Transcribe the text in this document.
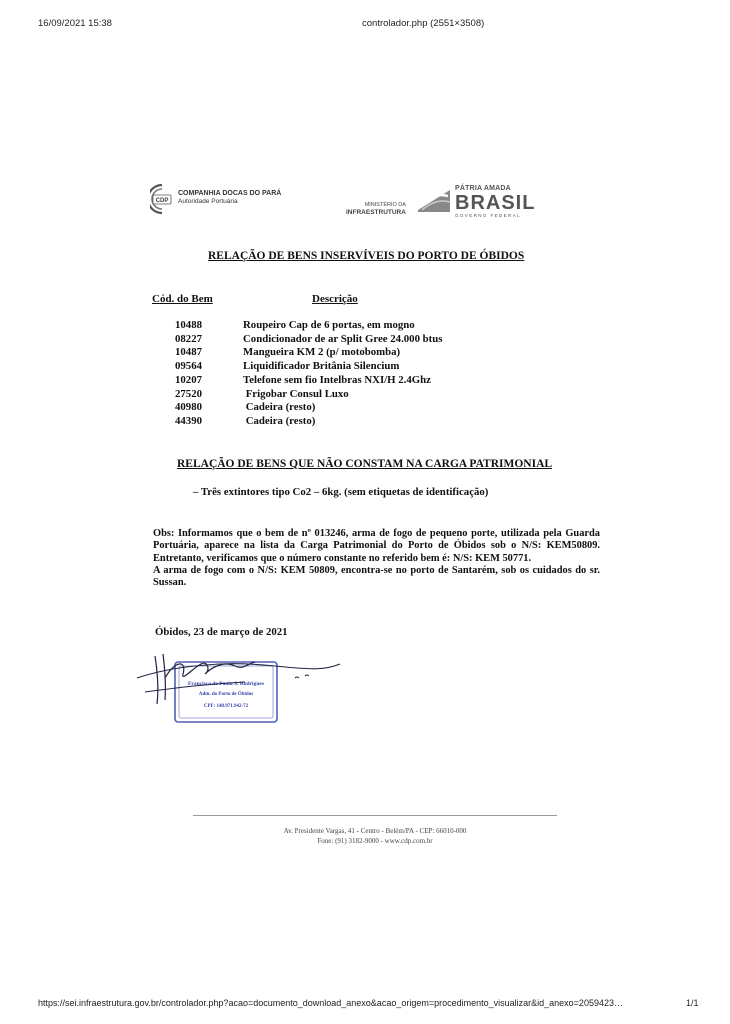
16/09/2021 15:38	controlador.php (2551×3508)
CDP
COMPANHIA DOCAS DO PARÁ
Autoridade Portuária	MINISTÉRIO DA
INFRAESTRUTURA
PÁTRIA AMADA
BRASIL
GOVERNO FEDERAL
RELAÇÃO DE BENS INSERVÍVEIS DO PORTO DE ÓBIDOS
Cód. do Bem	Descrição
10488	Roupeiro Cap de 6 portas, em mogno
08227	Condicionador de ar Split Gree 24.000 btus
10487	Mangueira KM 2 (p/ motobomba)
09564	Liquidificador Britânia Silencium
10207	Telefone sem fio Intelbras NXI/H 2.4Ghz
27520	Frigobar Consul Luxo
40980	Cadeira (resto)
44390	Cadeira (resto)
RELAÇÃO DE BENS QUE NÃO CONSTAM NA CARGA PATRIMONIAL
– Três extintores tipo Co2 – 6kg. (sem etiquetas de identificação)

Obs: Informamos que o bem de nº 013246, arma de fogo de pequeno porte, utilizada pela Guarda Portuária, aparece na lista da Carga Patrimonial do Porto de Óbidos sob o N/S: KEM50809. Entretanto, verificamos que o número constante no referido bem é: N/S: KEM 50771.

A arma de fogo com o N/S: KEM 50809, encontra-se no porto de Santarém, sob os cuidados do sr. Sussan.

Óbidos, 23 de março de 2021
Francisco de Paula S. Rodrigues
Adm. do Porto de Óbidos
CPF: 148.971.942-72
Av. Presidente Vargas, 41 - Centro - Belém/PA - CEP: 66010-000
Fone: (91) 3182-9000 - www.cdp.com.br
https://sei.infraestrutura.gov.br/controlador.php?acao=documento_download_anexo&acao_origem=procedimento_visualizar&id_anexo=2059423…	1/1
